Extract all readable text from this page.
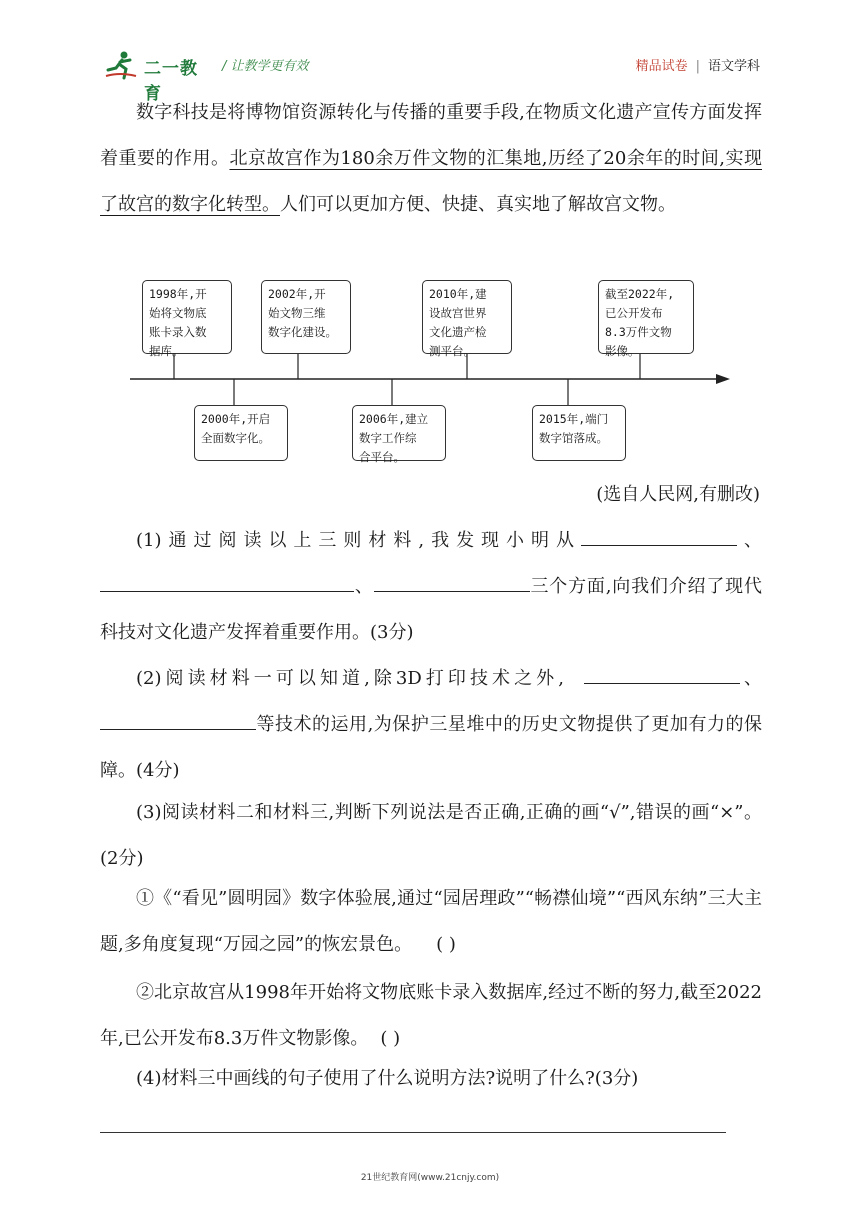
二一教育
/ 让教学更有效	精品试卷 | 语文学科
数字科技是将博物馆资源转化与传播的重要手段,在物质文化遗产宣传方面发挥着重要的作用。北京故宫作为180余万件文物的汇集地,历经了20余年的时间,实现了故宫的数字化转型。人们可以更加方便、快捷、真实地了解故宫文物。
1998年,开
始将文物底
账卡录入数
据库。
2002年,开
始文物三维
数字化建设。
2010年,建
设故宫世界
文化遗产检
测平台。
截至2022年,
已公开发布
8.3万件文物
影像。
2000年,开启
全面数字化。
2006年,建立
数字工作综
合平台。
2015年,端门
数字馆落成。
(选自人民网,有删改)
(1)通过阅读以上三则材料,我发现小明从	、、	三个方面,向我们介绍了现代科技对文化遗产发挥着重要作用。(3分)
(2)阅读材料一可以知道,除3D打印技术之外,	、等技术的运用,为保护三星堆中的历史文物提供了更加有力的保障。(4分)
(3)阅读材料二和材料三,判断下列说法是否正确,正确的画“√”,错误的画“×”。(2分)
①《“看见”圆明园》数字体验展,通过“园居理政”“畅襟仙境”“西风东纳”三大主题,多角度复现“万园之园”的恢宏景色。 ( )
②北京故宫从1998年开始将文物底账卡录入数据库,经过不断的努力,截至2022年,已公开发布8.3万件文物影像。 ( )
(4)材料三中画线的句子使用了什么说明方法?说明了什么?(3分)
21世纪教育网(www.21cnjy.com)
